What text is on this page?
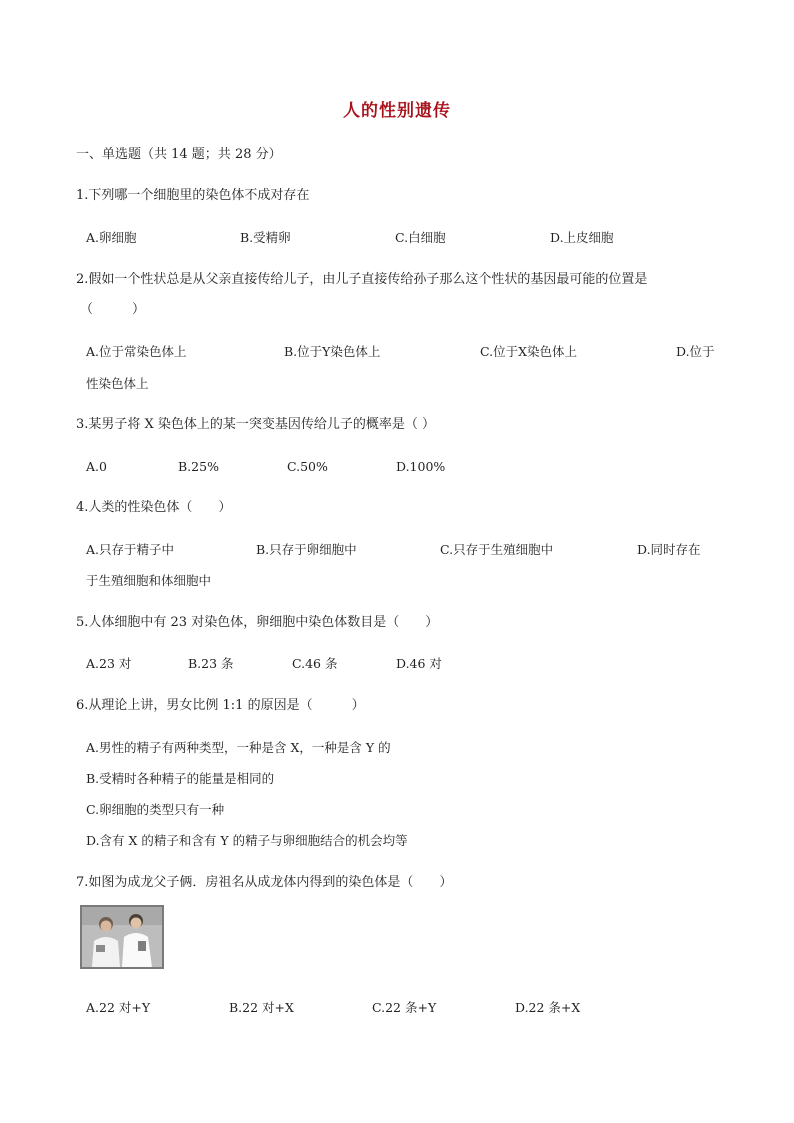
人的性别遗传
一、单选题（共 14 题；共 28 分）
1.下列哪一个细胞里的染色体不成对存在
A.卵细胞	B.受精卵	C.白细胞	D.上皮细胞
2.假如一个性状总是从父亲直接传给儿子，由儿子直接传给孙子那么这个性状的基因最可能的位置是
（　　　）
A.位于常染色体上	B.位于Y染色体上	C.位于X染色体上	D.位于
性染色体上
3.某男子将 X 染色体上的某一突变基因传给儿子的概率是（ ）
A.0	B.25%	C.50%	D.100%
4.人类的性染色体（　　）
A.只存于精子中	B.只存于卵细胞中	C.只存于生殖细胞中	D.同时存在
于生殖细胞和体细胞中
5.人体细胞中有 23 对染色体，卵细胞中染色体数目是（　　）
A.23 对	B.23 条	C.46 条	D.46 对
6.从理论上讲，男女比例 1:1 的原因是（　　　）
A.男性的精子有两种类型，一种是含 X，一种是含 Y 的
B.受精时各种精子的能量是相同的
C.卵细胞的类型只有一种
D.含有 X 的精子和含有 Y 的精子与卵细胞结合的机会均等
7.如图为成龙父子俩．房祖名从成龙体内得到的染色体是（　　）
A.22 对+Y	B.22 对+X	C.22 条+Y	D.22 条+X
